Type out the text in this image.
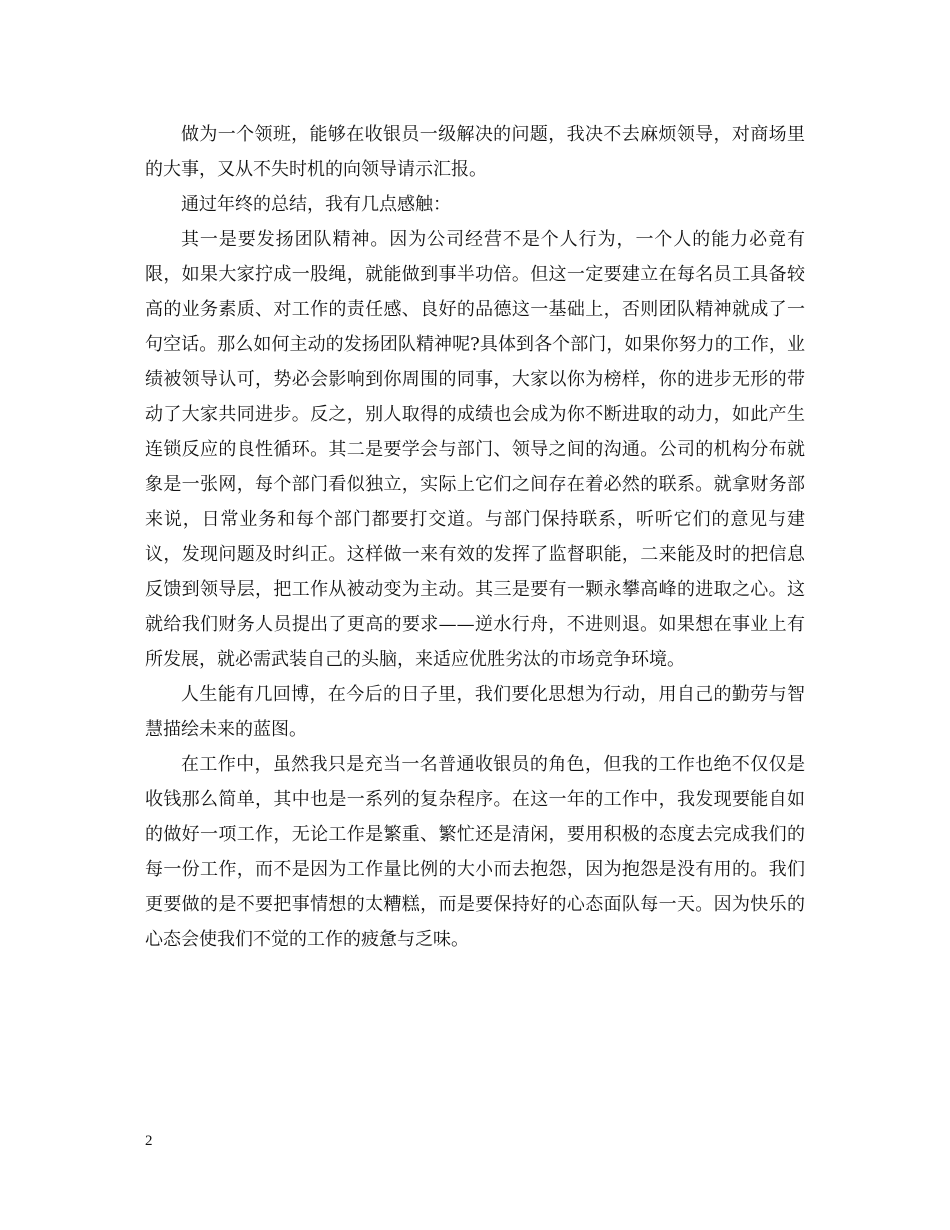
做为一个领班，能够在收银员一级解决的问题，我决不去麻烦领导，对商场里的大事，又从不失时机的向领导请示汇报。

通过年终的总结，我有几点感触：

其一是要发扬团队精神。因为公司经营不是个人行为，一个人的能力必竟有限，如果大家拧成一股绳，就能做到事半功倍。但这一定要建立在每名员工具备较高的业务素质、对工作的责任感、良好的品德这一基础上，否则团队精神就成了一句空话。那么如何主动的发扬团队精神呢?具体到各个部门，如果你努力的工作，业绩被领导认可，势必会影响到你周围的同事，大家以你为榜样，你的进步无形的带动了大家共同进步。反之，别人取得的成绩也会成为你不断进取的动力，如此产生连锁反应的良性循环。其二是要学会与部门、领导之间的沟通。公司的机构分布就象是一张网，每个部门看似独立，实际上它们之间存在着必然的联系。就拿财务部来说，日常业务和每个部门都要打交道。与部门保持联系，听听它们的意见与建议，发现问题及时纠正。这样做一来有效的发挥了监督职能，二来能及时的把信息反馈到领导层，把工作从被动变为主动。其三是要有一颗永攀高峰的进取之心。这就给我们财务人员提出了更高的要求——逆水行舟，不进则退。如果想在事业上有所发展，就必需武装自己的头脑，来适应优胜劣汰的市场竞争环境。

人生能有几回博，在今后的日子里，我们要化思想为行动，用自己的勤劳与智慧描绘未来的蓝图。

在工作中，虽然我只是充当一名普通收银员的角色，但我的工作也绝不仅仅是收钱那么简单，其中也是一系列的复杂程序。在这一年的工作中，我发现要能自如的做好一项工作，无论工作是繁重、繁忙还是清闲，要用积极的态度去完成我们的每一份工作，而不是因为工作量比例的大小而去抱怨，因为抱怨是没有用的。我们更要做的是不要把事情想的太糟糕，而是要保持好的心态面队每一天。因为快乐的心态会使我们不觉的工作的疲惫与乏味。

2
